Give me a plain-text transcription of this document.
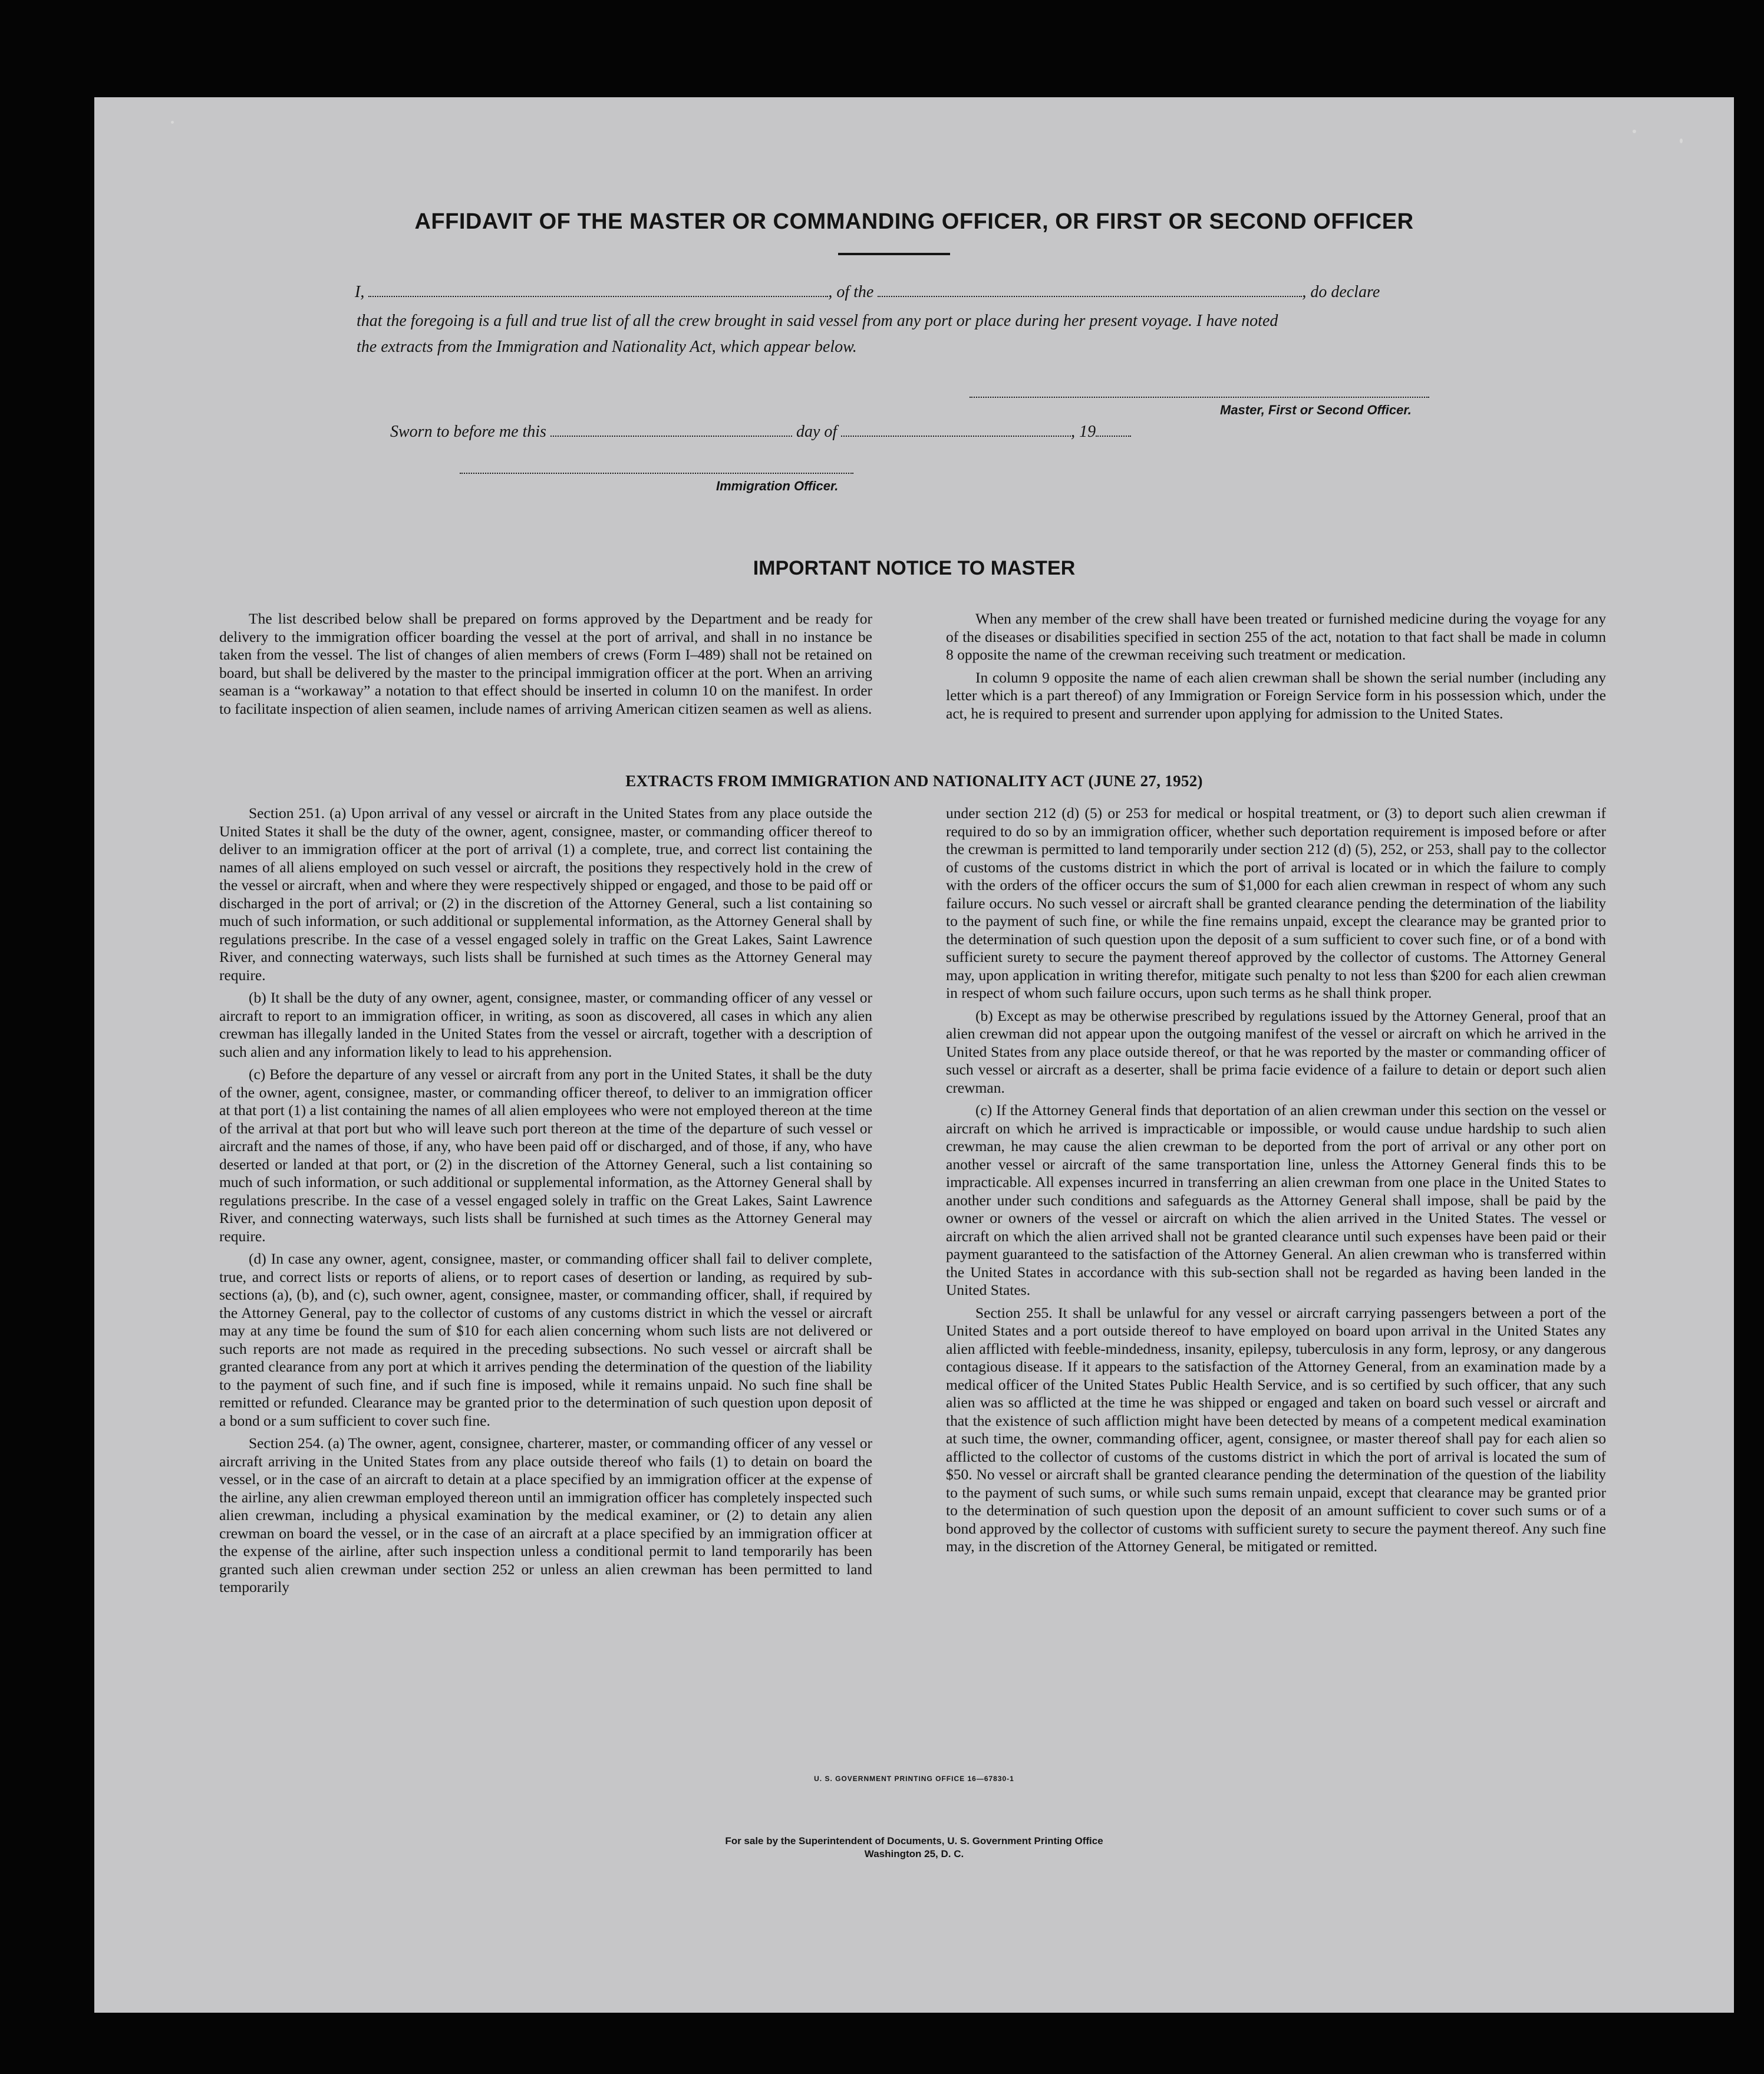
AFFIDAVIT OF THE MASTER OR COMMANDING OFFICER, OR FIRST OR SECOND OFFICER
I,	, of the	, do declare
that the foregoing is a full and true list of all the crew brought in said vessel from any port or place during her present voyage. I have noted
the extracts from the Immigration and Nationality Act, which appear below.
Master, First or Second Officer.
Sworn to before me this	day of	, 19
Immigration Officer.
IMPORTANT NOTICE TO MASTER

The list described below shall be prepared on forms approved by the Department and be ready for delivery to the immigration officer boarding the vessel at the port of arrival, and shall in no instance be taken from the vessel. The list of changes of alien members of crews (Form I–489) shall not be retained on board, but shall be delivered by the master to the principal immigration officer at the port. When an arriving seaman is a “workaway” a notation to that effect should be inserted in column 10 on the manifest. In order to facilitate inspection of alien seamen, include names of arriving American citizen seamen as well as aliens.

When any member of the crew shall have been treated or furnished medicine during the voyage for any of the diseases or disabilities specified in section 255 of the act, notation to that fact shall be made in column 8 opposite the name of the crewman receiving such treatment or medication.

In column 9 opposite the name of each alien crewman shall be shown the serial number (including any letter which is a part thereof) of any Immigration or Foreign Service form in his possession which, under the act, he is required to present and surrender upon applying for admission to the United States.

EXTRACTS FROM IMMIGRATION AND NATIONALITY ACT (JUNE 27, 1952)

Section 251. (a) Upon arrival of any vessel or aircraft in the United States from any place outside the United States it shall be the duty of the owner, agent, consignee, master, or commanding officer thereof to deliver to an immigration officer at the port of arrival (1) a complete, true, and correct list containing the names of all aliens employed on such vessel or aircraft, the positions they respectively hold in the crew of the vessel or aircraft, when and where they were respectively shipped or engaged, and those to be paid off or discharged in the port of arrival; or (2) in the discretion of the Attorney General, such a list containing so much of such information, or such additional or supplemental information, as the Attorney General shall by regulations prescribe. In the case of a vessel engaged solely in traffic on the Great Lakes, Saint Lawrence River, and connecting waterways, such lists shall be furnished at such times as the Attorney General may require.

(b) It shall be the duty of any owner, agent, consignee, master, or commanding officer of any vessel or aircraft to report to an immigration officer, in writing, as soon as discovered, all cases in which any alien crewman has illegally landed in the United States from the vessel or aircraft, together with a description of such alien and any information likely to lead to his apprehension.

(c) Before the departure of any vessel or aircraft from any port in the United States, it shall be the duty of the owner, agent, consignee, master, or commanding officer thereof, to deliver to an immigration officer at that port (1) a list containing the names of all alien employees who were not employed thereon at the time of the arrival at that port but who will leave such port thereon at the time of the departure of such vessel or aircraft and the names of those, if any, who have been paid off or discharged, and of those, if any, who have deserted or landed at that port, or (2) in the discretion of the Attorney General, such a list containing so much of such information, or such additional or supplemental information, as the Attorney General shall by regulations prescribe. In the case of a vessel engaged solely in traffic on the Great Lakes, Saint Lawrence River, and connecting waterways, such lists shall be furnished at such times as the Attorney General may require.

(d) In case any owner, agent, consignee, master, or commanding officer shall fail to deliver complete, true, and correct lists or reports of aliens, or to report cases of desertion or landing, as required by sub-sections (a), (b), and (c), such owner, agent, consignee, master, or commanding officer, shall, if required by the Attorney General, pay to the collector of customs of any customs district in which the vessel or aircraft may at any time be found the sum of $10 for each alien concerning whom such lists are not delivered or such reports are not made as required in the preceding subsections. No such vessel or aircraft shall be granted clearance from any port at which it arrives pending the determination of the question of the liability to the payment of such fine, and if such fine is imposed, while it remains unpaid. No such fine shall be remitted or refunded. Clearance may be granted prior to the determination of such question upon deposit of a bond or a sum sufficient to cover such fine.

Section 254. (a) The owner, agent, consignee, charterer, master, or commanding officer of any vessel or aircraft arriving in the United States from any place outside thereof who fails (1) to detain on board the vessel, or in the case of an aircraft to detain at a place specified by an immigration officer at the expense of the airline, any alien crewman employed thereon until an immigration officer has completely inspected such alien crewman, including a physical examination by the medical examiner, or (2) to detain any alien crewman on board the vessel, or in the case of an aircraft at a place specified by an immigration officer at the expense of the airline, after such inspection unless a conditional permit to land temporarily has been granted such alien crewman under section 252 or unless an alien crewman has been permitted to land temporarily

under section 212 (d) (5) or 253 for medical or hospital treatment, or (3) to deport such alien crewman if required to do so by an immigration officer, whether such deportation requirement is imposed before or after the crewman is permitted to land temporarily under section 212 (d) (5), 252, or 253, shall pay to the collector of customs of the customs district in which the port of arrival is located or in which the failure to comply with the orders of the officer occurs the sum of $1,000 for each alien crewman in respect of whom any such failure occurs. No such vessel or aircraft shall be granted clearance pending the determination of the liability to the payment of such fine, or while the fine remains unpaid, except the clearance may be granted prior to the determination of such question upon the deposit of a sum sufficient to cover such fine, or of a bond with sufficient surety to secure the payment thereof approved by the collector of customs. The Attorney General may, upon application in writing therefor, mitigate such penalty to not less than $200 for each alien crewman in respect of whom such failure occurs, upon such terms as he shall think proper.

(b) Except as may be otherwise prescribed by regulations issued by the Attorney General, proof that an alien crewman did not appear upon the outgoing manifest of the vessel or aircraft on which he arrived in the United States from any place outside thereof, or that he was reported by the master or commanding officer of such vessel or aircraft as a deserter, shall be prima facie evidence of a failure to detain or deport such alien crewman.

(c) If the Attorney General finds that deportation of an alien crewman under this section on the vessel or aircraft on which he arrived is impracticable or impossible, or would cause undue hardship to such alien crewman, he may cause the alien crewman to be deported from the port of arrival or any other port on another vessel or aircraft of the same transportation line, unless the Attorney General finds this to be impracticable. All expenses incurred in transferring an alien crewman from one place in the United States to another under such conditions and safeguards as the Attorney General shall impose, shall be paid by the owner or owners of the vessel or aircraft on which the alien arrived in the United States. The vessel or aircraft on which the alien arrived shall not be granted clearance until such expenses have been paid or their payment guaranteed to the satisfaction of the Attorney General. An alien crewman who is transferred within the United States in accordance with this sub-section shall not be regarded as having been landed in the United States.

Section 255. It shall be unlawful for any vessel or aircraft carrying passengers between a port of the United States and a port outside thereof to have employed on board upon arrival in the United States any alien afflicted with feeble-mindedness, insanity, epilepsy, tuberculosis in any form, leprosy, or any dangerous contagious disease. If it appears to the satisfaction of the Attorney General, from an examination made by a medical officer of the United States Public Health Service, and is so certified by such officer, that any such alien was so afflicted at the time he was shipped or engaged and taken on board such vessel or aircraft and that the existence of such affliction might have been detected by means of a competent medical examination at such time, the owner, commanding officer, agent, consignee, or master thereof shall pay for each alien so afflicted to the collector of customs of the customs district in which the port of arrival is located the sum of $50. No vessel or aircraft shall be granted clearance pending the determination of the question of the liability to the payment of such sums, or while such sums remain unpaid, except that clearance may be granted prior to the determination of such question upon the deposit of an amount sufficient to cover such sums or of a bond approved by the collector of customs with sufficient surety to secure the payment thereof. Any such fine may, in the discretion of the Attorney General, be mitigated or remitted.

U. S. GOVERNMENT PRINTING OFFICE 16—67830-1
For sale by the Superintendent of Documents, U. S. Government Printing Office
Washington 25, D. C.
